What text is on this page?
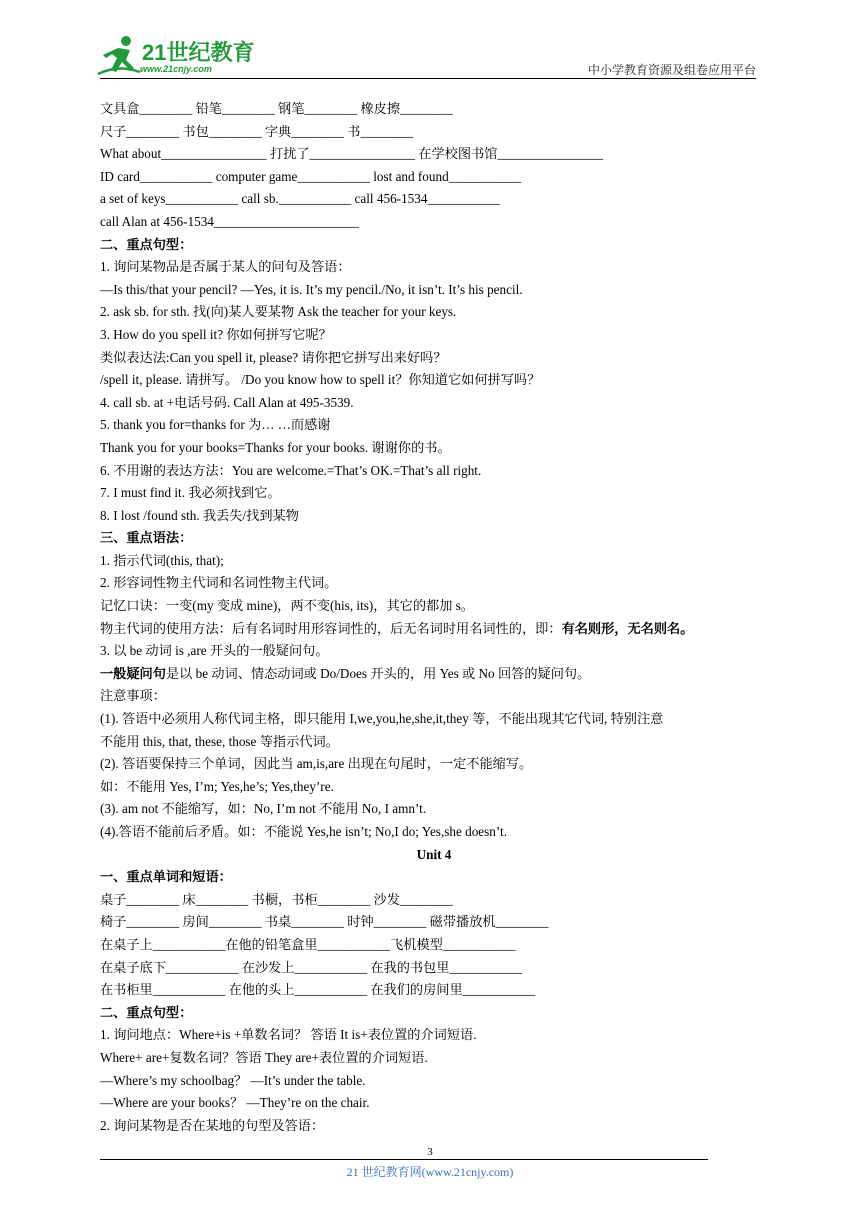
21世纪教育
www.21cnjy.com	中小学教育资源及组卷应用平台
文具盒________ 铅笔________ 钢笔________ 橡皮擦________
尺子________ 书包________ 字典________ 书________
What about________________ 打扰了________________ 在学校图书馆________________
ID card___________ computer game___________ lost and found___________
a set of keys___________ call sb.___________ call 456-1534___________
call Alan at 456-1534______________________
二、重点句型：
1. 询问某物品是否属于某人的问句及答语：
—Is this/that your pencil? —Yes, it is. It’s my pencil./No, it isn’t. It’s his pencil.
2. ask sb. for sth. 找(向)某人要某物 Ask the teacher for your keys.
3. How do you spell it? 你如何拼写它呢？
类似表达法:Can you spell it, please? 请你把它拼写出来好吗？
/spell it, please. 请拼写。 /Do you know how to spell it？你知道它如何拼写吗？
4. call sb. at +电话号码. Call Alan at 495-3539.
5. thank you for=thanks for 为… …而感谢
Thank you for your books=Thanks for your books. 谢谢你的书。
6. 不用谢的表达方法：You are welcome.=That’s OK.=That’s all right.
7. I must find it. 我必须找到它。
8. I lost /found sth. 我丢失/找到某物
三、重点语法：
1. 指示代词(this, that);
2. 形容词性物主代词和名词性物主代词。
记忆口诀：一变(my 变成 mine)，两不变(his, its)，其它的都加 s。
物主代词的使用方法：后有名词时用形容词性的，后无名词时用名词性的，即：有名则形，无名则名。
3. 以 be 动词 is ,are 开头的一般疑问句。
一般疑问句是以 be 动词、情态动词或 Do/Does 开头的，用 Yes 或 No 回答的疑问句。
注意事项：
(1). 答语中必须用人称代词主格，即只能用 I,we,you,he,she,it,they 等，不能出现其它代词, 特别注意
不能用 this, that, these, those 等指示代词。
(2). 答语要保持三个单词，因此当 am,is,are 出现在句尾时，一定不能缩写。
如：不能用 Yes, I’m; Yes,he’s; Yes,they’re.
(3). am not 不能缩写，如：No, I’m not 不能用 No, I amn’t.
(4).答语不能前后矛盾。如：不能说 Yes,he isn’t; No,I do; Yes,she doesn’t.
Unit 4
一、重点单词和短语：
桌子________ 床________ 书橱，书柜________ 沙发________
椅子________ 房间________ 书桌________ 时钟________ 磁带播放机________
在桌子上___________在他的铅笔盒里___________飞机模型___________
在桌子底下___________ 在沙发上___________ 在我的书包里___________
在书柜里___________ 在他的头上___________ 在我们的房间里___________
二、重点句型：
1. 询问地点：Where+is +单数名词？ 答语 It is+表位置的介词短语.
Where+ are+复数名词？答语 They are+表位置的介词短语.
—Where’s my schoolbag？ —It’s under the table.
—Where are your books？ —They’re on the chair.
2. 询问某物是否在某地的句型及答语：
3
21 世纪教育网(www.21cnjy.com)
